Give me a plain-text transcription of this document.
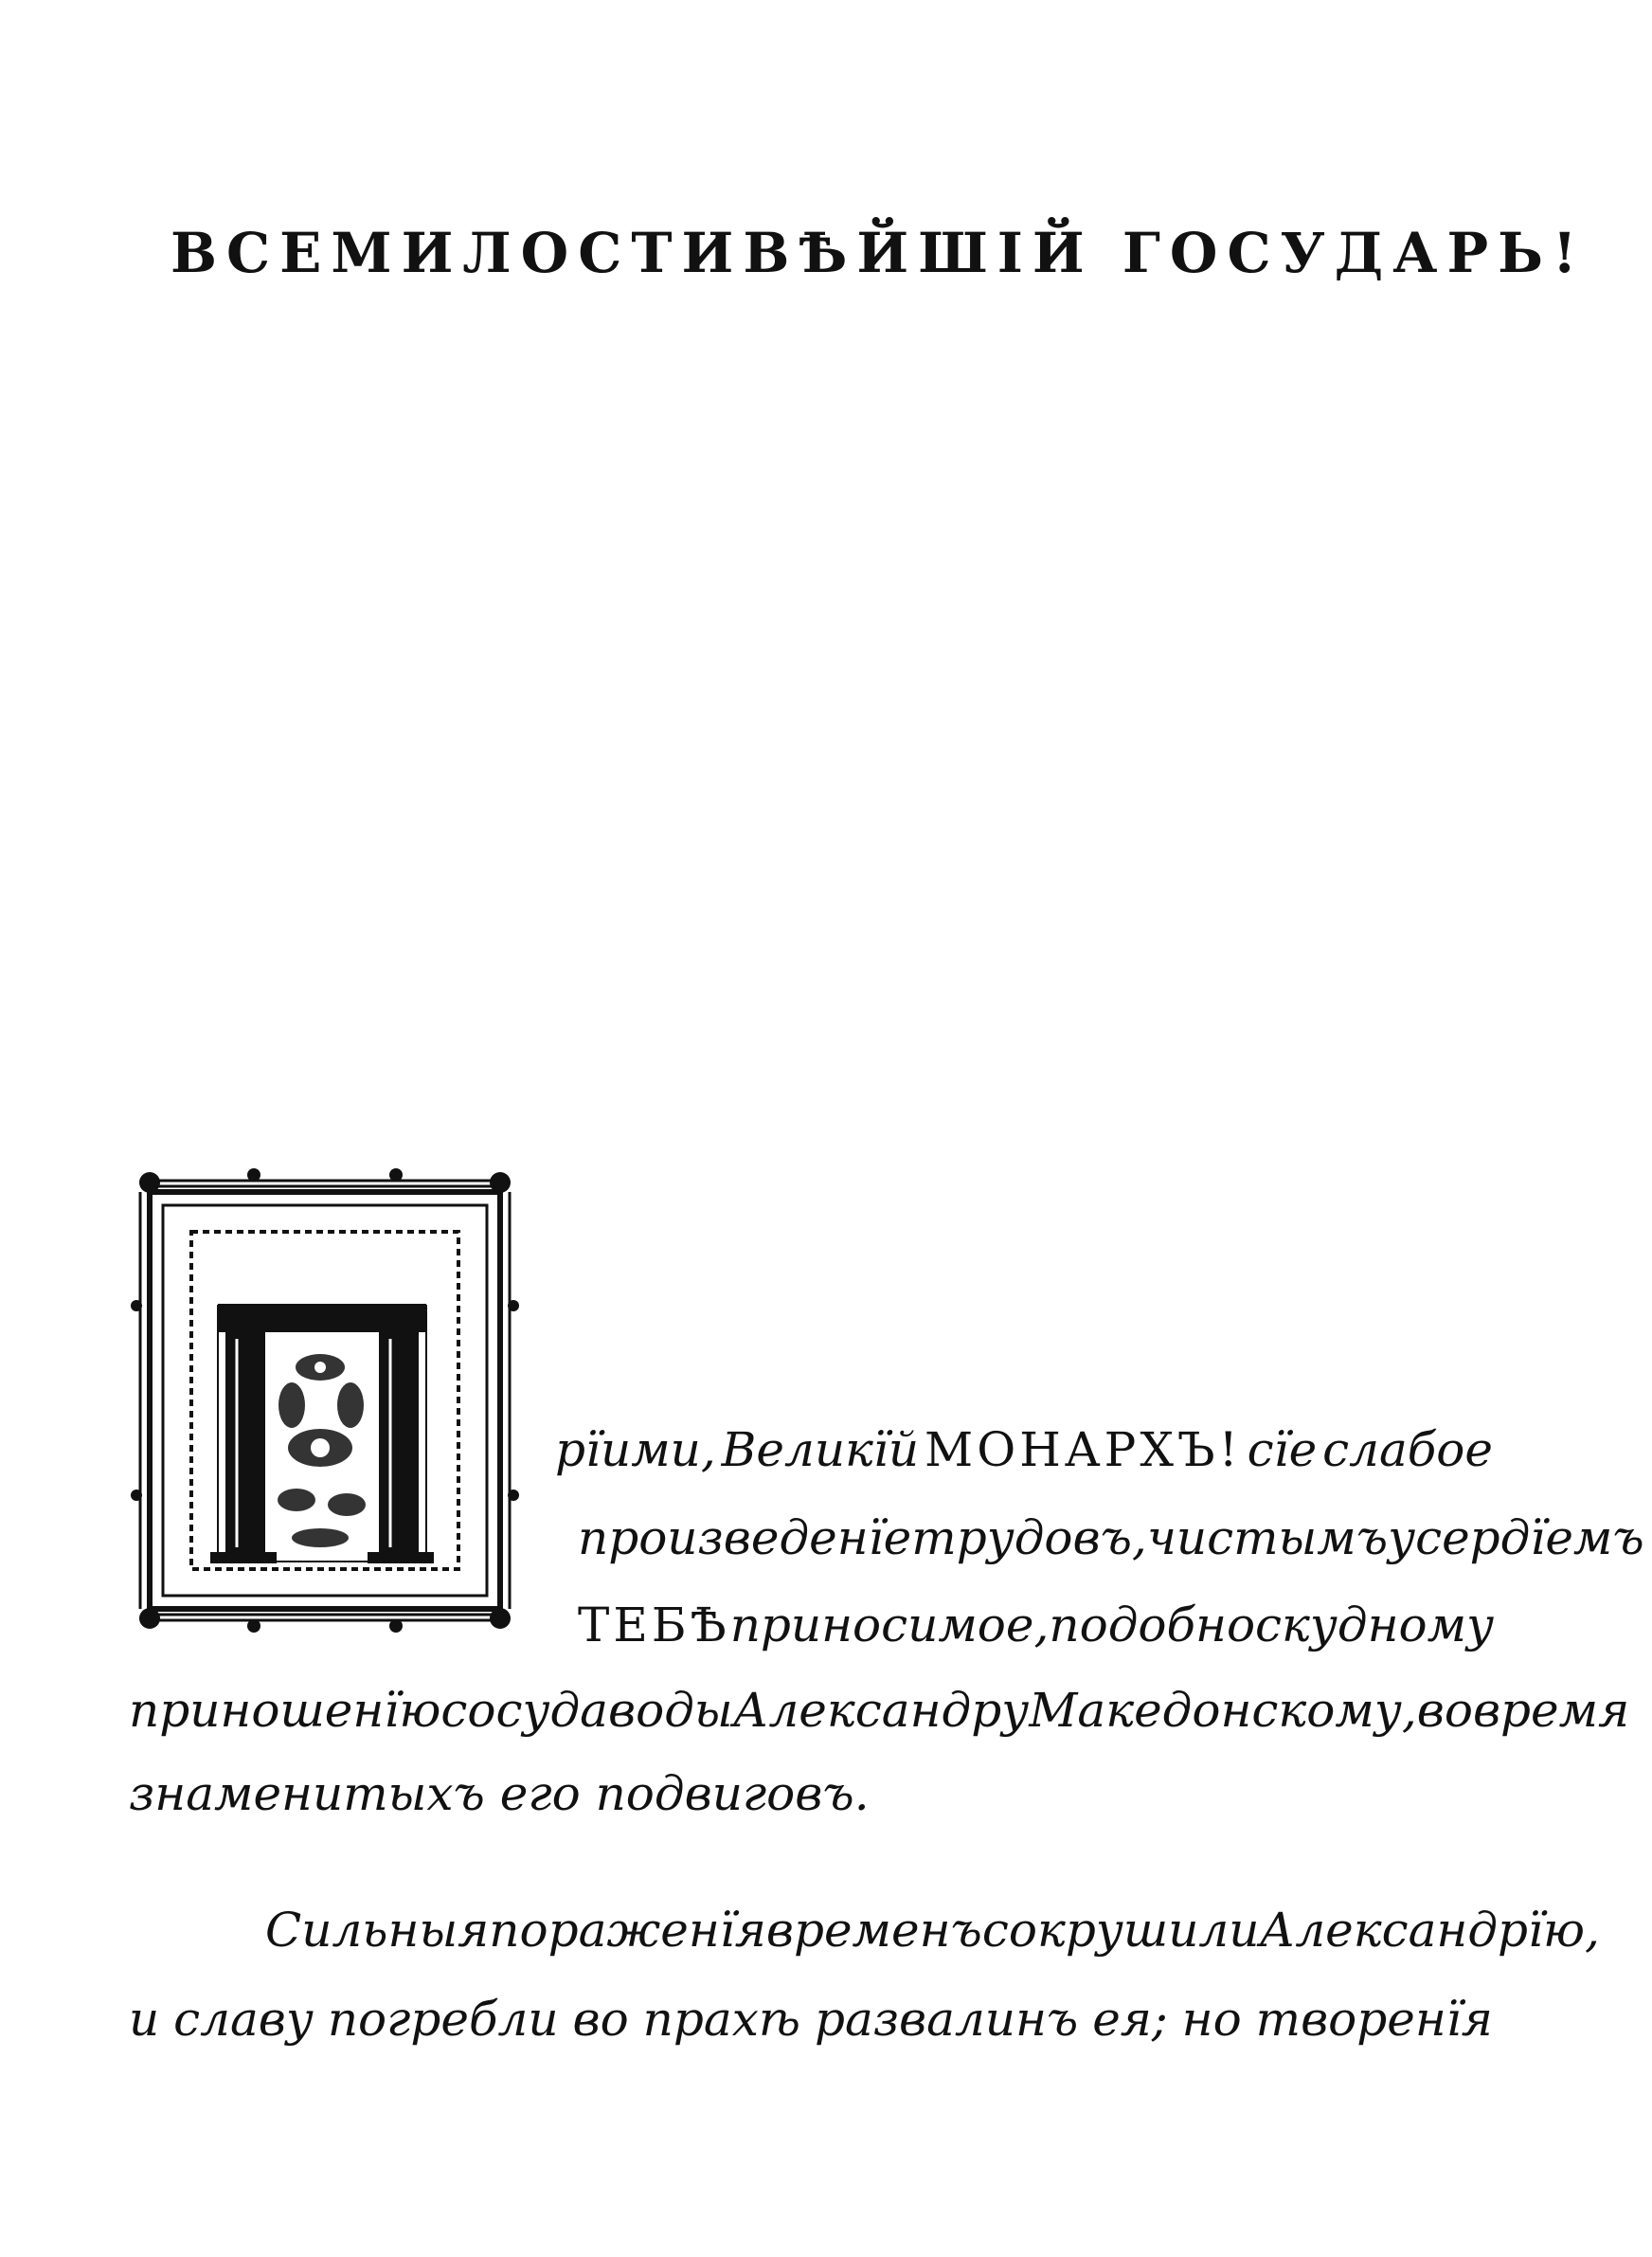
ВСЕМИЛОСТИВѢЙШІЙ ГОСУДАРЬ!
рïими, Великïй МОНАРХЪ! сïе слабое
произведенïе трудовъ, чистымъ усердïемъ
ТЕБѢ приносимое, подобно скудному
приношенïю сосуда воды Александру Македонскому, во время
знаменитыхъ его подвиговъ.
Сильныя пораженïя временъ сокрушили Александрïю,
и славу погребли во прахѣ развалинъ ея; но творенïя
